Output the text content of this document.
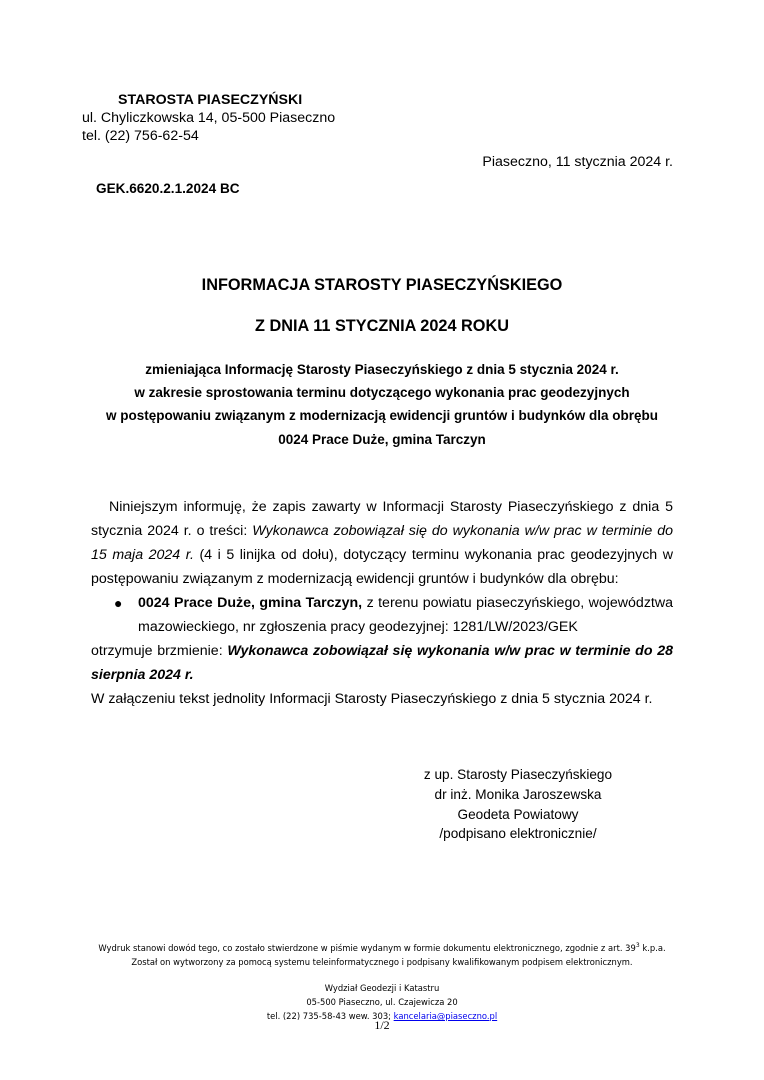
STAROSTA PIASECZYŃSKI
ul. Chyliczkowska 14, 05-500 Piaseczno
tel. (22) 756-62-54
Piaseczno, 11 stycznia 2024 r.
GEK.6620.2.1.2024 BC
INFORMACJA STAROSTY PIASECZYŃSKIEGO
Z DNIA 11 STYCZNIA 2024 ROKU
zmieniająca Informację Starosty Piaseczyńskiego z dnia 5 stycznia 2024 r.
w zakresie sprostowania terminu dotyczącego wykonania prac geodezyjnych
w postępowaniu związanym z modernizacją ewidencji gruntów i budynków dla obrębu
0024 Prace Duże, gmina Tarczyn

Niniejszym informuję, że zapis zawarty w Informacji Starosty Piaseczyńskiego z dnia 5 stycznia 2024 r. o treści: Wykonawca zobowiązał się do wykonania w/w prac w terminie do 15 maja 2024 r. (4 i 5 linijka od dołu), dotyczący terminu wykonania prac geodezyjnych w postępowaniu związanym z modernizacją ewidencji gruntów i budynków dla obrębu:

● 0024 Prace Duże, gmina Tarczyn, z terenu powiatu piaseczyńskiego, województwa mazowieckiego, nr zgłoszenia pracy geodezyjnej: 1281/LW/2023/GEK

otrzymuje brzmienie: Wykonawca zobowiązał się wykonania w/w prac w terminie do 28 sierpnia 2024 r.

W załączeniu tekst jednolity Informacji Starosty Piaseczyńskiego z dnia 5 stycznia 2024 r.

z up. Starosty Piaseczyńskiego
dr inż. Monika Jaroszewska
Geodeta Powiatowy
/podpisano elektronicznie/
Wydruk stanowi dowód tego, co zostało stwierdzone w piśmie wydanym w formie dokumentu elektronicznego, zgodnie z art. $39^3$ k.p.a.
Został on wytworzony za pomocą systemu teleinformatycznego i podpisany kwalifikowanym podpisem elektronicznym.
Wydział Geodezji i Katastru
05-500 Piaseczno, ul. Czajewicza 20
tel. (22) 735-58-43 wew. 303; kancelaria@piaseczno.pl
1/2
